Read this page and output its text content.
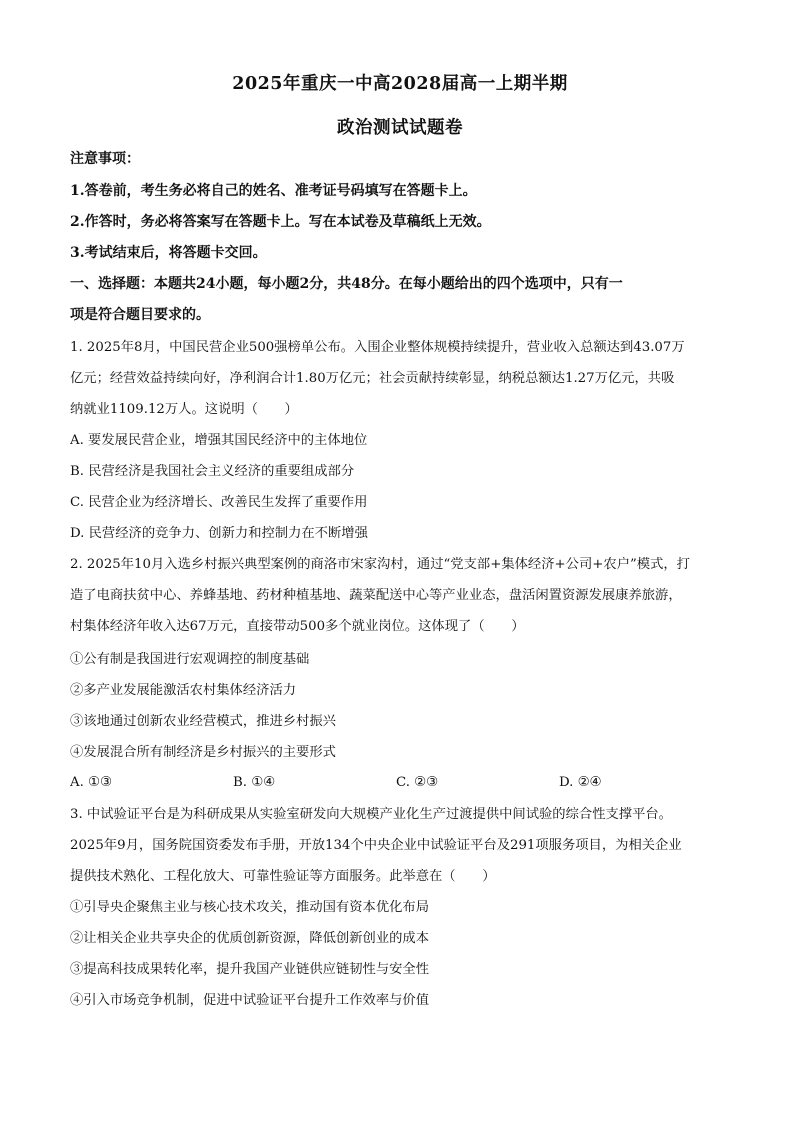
2025年重庆一中高2028届高一上期半期
政治测试试题卷
注意事项：
1.答卷前，考生务必将自己的姓名、准考证号码填写在答题卡上。
2.作答时，务必将答案写在答题卡上。写在本试卷及草稿纸上无效。
3.考试结束后，将答题卡交回。
一、选择题：本题共24小题，每小题2分，共48分。在每小题给出的四个选项中，只有一
项是符合题目要求的。
1. 2025年8月，中国民营企业500强榜单公布。入围企业整体规模持续提升，营业收入总额达到43.07万
亿元；经营效益持续向好，净利润合计1.80万亿元；社会贡献持续彰显，纳税总额达1.27万亿元，共吸
纳就业1109.12万人。这说明（　　）
A. 要发展民营企业，增强其国民经济中的主体地位
B. 民营经济是我国社会主义经济的重要组成部分
C. 民营企业为经济增长、改善民生发挥了重要作用
D. 民营经济的竞争力、创新力和控制力在不断增强
2. 2025年10月入选乡村振兴典型案例的商洛市宋家沟村，通过“党支部+集体经济+公司+农户”模式，打
造了电商扶贫中心、养蜂基地、药材种植基地、蔬菜配送中心等产业业态，盘活闲置资源发展康养旅游，
村集体经济年收入达67万元，直接带动500多个就业岗位。这体现了（　　）
①公有制是我国进行宏观调控的制度基础
②多产业发展能激活农村集体经济活力
③该地通过创新农业经营模式，推进乡村振兴
④发展混合所有制经济是乡村振兴的主要形式
A. ①③	B. ①④	C. ②③	D. ②④
3. 中试验证平台是为科研成果从实验室研发向大规模产业化生产过渡提供中间试验的综合性支撑平台。
2025年9月，国务院国资委发布手册，开放134个中央企业中试验证平台及291项服务项目，为相关企业
提供技术熟化、工程化放大、可靠性验证等方面服务。此举意在（　　）
①引导央企聚焦主业与核心技术攻关，推动国有资本优化布局
②让相关企业共享央企的优质创新资源，降低创新创业的成本
③提高科技成果转化率，提升我国产业链供应链韧性与安全性
④引入市场竞争机制，促进中试验证平台提升工作效率与价值
